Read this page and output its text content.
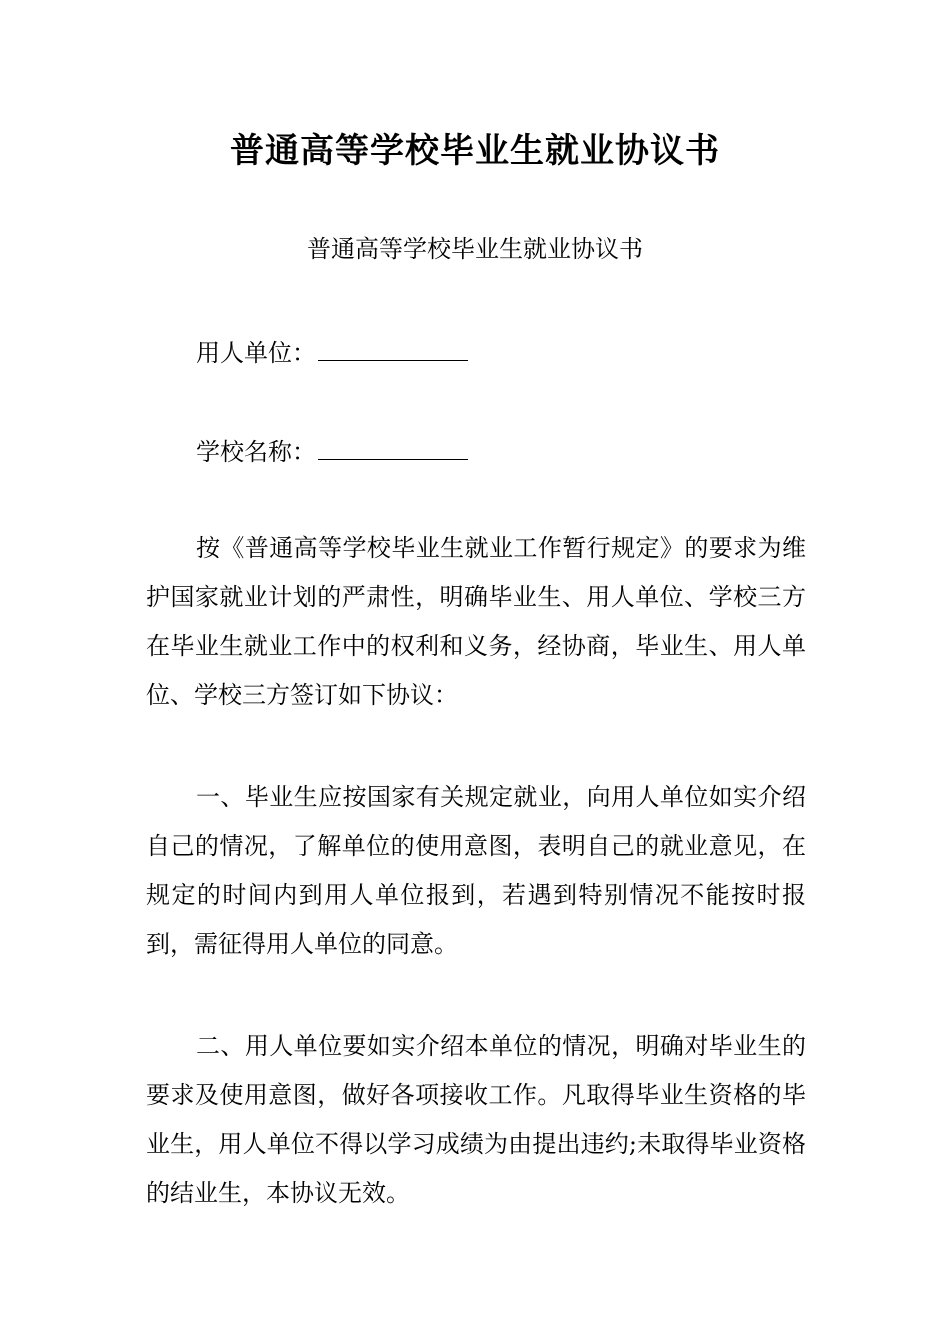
普通高等学校毕业生就业协议书

普通高等学校毕业生就业协议书

用人单位：
学校名称：

按《普通高等学校毕业生就业工作暂行规定》的要求为维护国家就业计划的严肃性，明确毕业生、用人单位、学校三方在毕业生就业工作中的权利和义务，经协商，毕业生、用人单位、学校三方签订如下协议：

一、毕业生应按国家有关规定就业，向用人单位如实介绍自己的情况，了解单位的使用意图，表明自己的就业意见，在规定的时间内到用人单位报到，若遇到特别情况不能按时报到，需征得用人单位的同意。

二、用人单位要如实介绍本单位的情况，明确对毕业生的要求及使用意图，做好各项接收工作。凡取得毕业生资格的毕业生，用人单位不得以学习成绩为由提出违约;未取得毕业资格的结业生，本协议无效。
